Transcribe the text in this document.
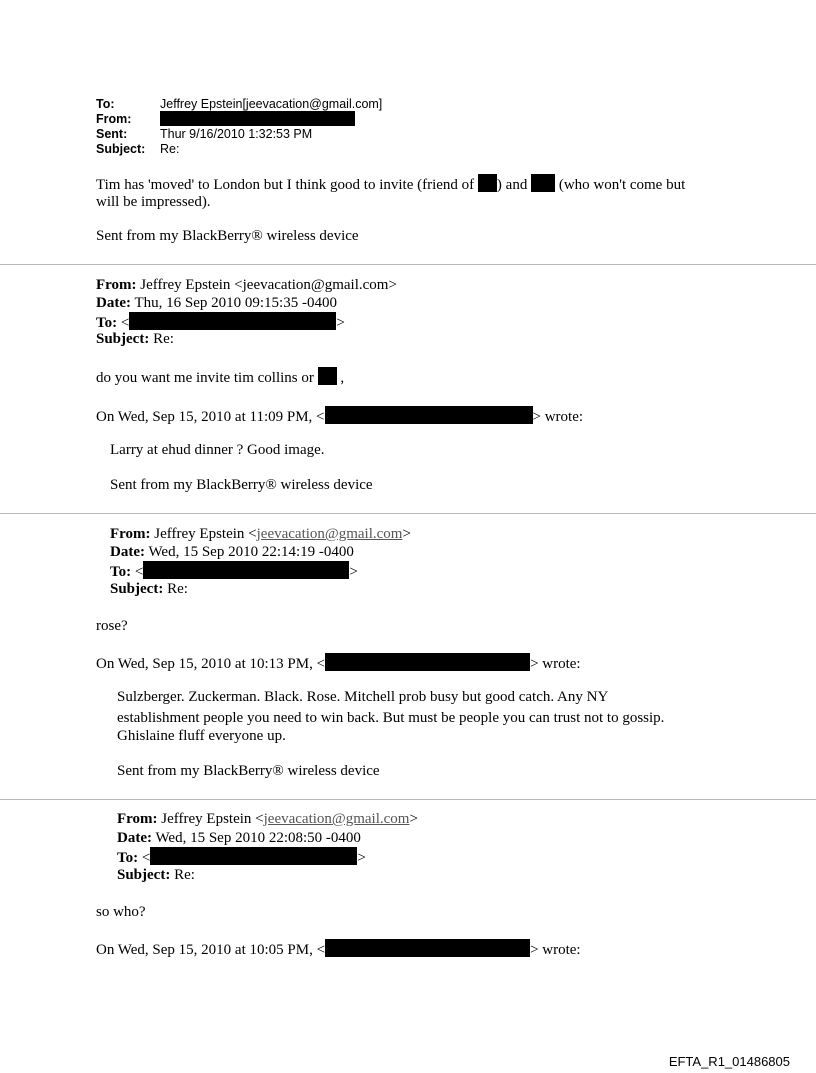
To:	Jeffrey Epstein[jeevacation@gmail.com]
From:
Sent:	Thur 9/16/2010 1:32:53 PM
Subject: Re:
Tim has 'moved' to London but I think good to invite (friend of ) and  (who won't come but
will be impressed).
Sent from my BlackBerry® wireless device
From: Jeffrey Epstein <jeevacation@gmail.com>
Date: Thu, 16 Sep 2010 09:15:35 -0400
To: <	>
Subject: Re:
do you want me invite tim collins or  ,
On Wed, Sep 15, 2010 at 11:09 PM, <	> wrote:
Larry at ehud dinner ? Good image.
Sent from my BlackBerry® wireless device
From: Jeffrey Epstein <jeevacation@gmail.com>
Date: Wed, 15 Sep 2010 22:14:19 -0400
To: <	>
Subject: Re:
rose?
On Wed, Sep 15, 2010 at 10:13 PM, <	> wrote:
Sulzberger. Zuckerman. Black. Rose. Mitchell prob busy but good catch. Any NY
establishment people you need to win back. But must be people you can trust not to gossip.
Ghislaine fluff everyone up.
Sent from my BlackBerry® wireless device
From: Jeffrey Epstein <jeevacation@gmail.com>
Date: Wed, 15 Sep 2010 22:08:50 -0400
To: <	>
Subject: Re:
so who?
On Wed, Sep 15, 2010 at 10:05 PM, <	> wrote:
EFTA_R1_01486805
